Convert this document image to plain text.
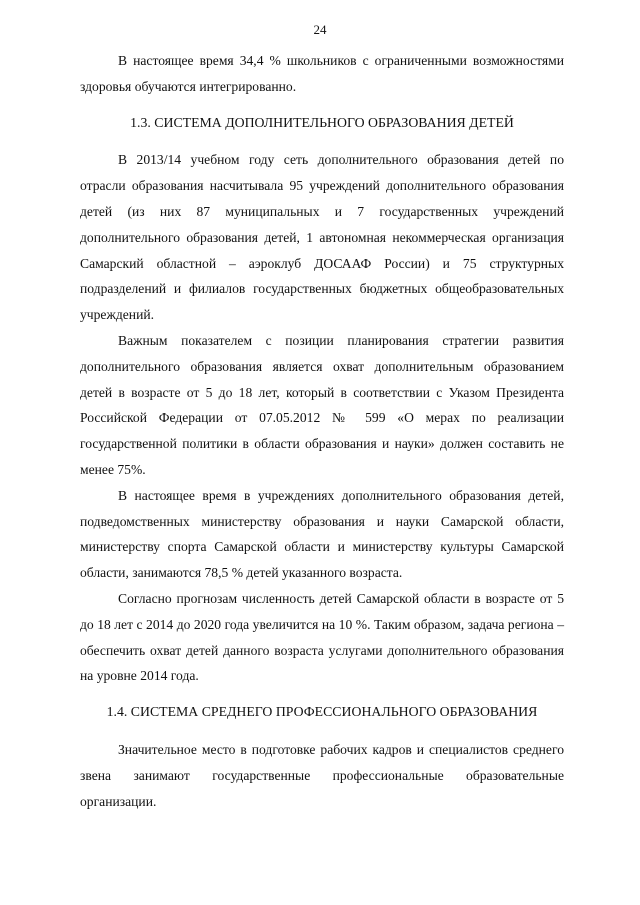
24

В настоящее время 34,4 % школьников с ограниченными возможностями здоровья обучаются интегрированно.

1.3. СИСТЕМА ДОПОЛНИТЕЛЬНОГО ОБРАЗОВАНИЯ ДЕТЕЙ

В 2013/14 учебном году сеть дополнительного образования детей по отрасли образования насчитывала 95 учреждений дополнительного образования детей (из них 87 муниципальных и 7 государственных учреждений дополнительного образования детей, 1 автономная некоммерческая организация Самарский областной – аэроклуб ДОСААФ России) и 75 структурных подразделений и филиалов государственных бюджетных общеобразовательных учреждений.

Важным показателем с позиции планирования стратегии развития дополнительного образования является охват дополнительным образованием детей в возрасте от 5 до 18 лет, который в соответствии с Указом Президента Российской Федерации от 07.05.2012 № 599 «О мерах по реализации государственной политики в области образования и науки» должен составить не менее 75%.

В настоящее время в учреждениях дополнительного образования детей, подведомственных министерству образования и науки Самарской области, министерству спорта Самарской области и министерству культуры Самарской области, занимаются 78,5 % детей указанного возраста.

Согласно прогнозам численность детей Самарской области в возрасте от 5 до 18 лет с 2014 до 2020 года увеличится на 10 %. Таким образом, задача региона – обеспечить охват детей данного возраста услугами дополнительного образования на уровне 2014 года.

1.4. СИСТЕМА СРЕДНЕГО ПРОФЕССИОНАЛЬНОГО ОБРАЗОВАНИЯ

Значительное место в подготовке рабочих кадров и специалистов среднего звена занимают государственные профессиональные образовательные организации.
